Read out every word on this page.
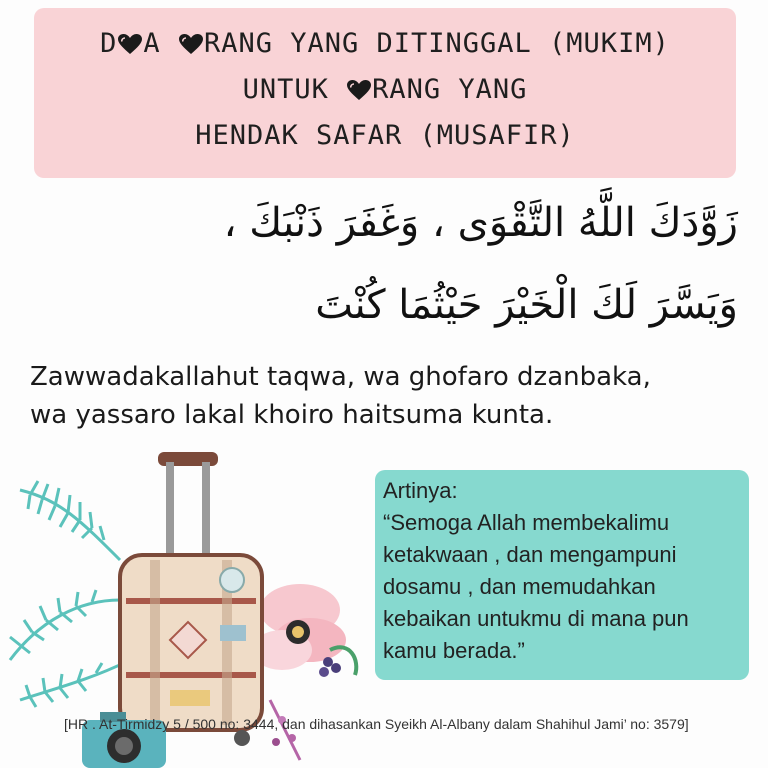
D A RANG YANG DITINGGAL (MUKIM)
UNTUK RANG YANG
HENDAK SAFAR (MUSAFIR)
زَوَّدَكَ اللَّهُ التَّقْوَى ، وَغَفَرَ ذَنْبَكَ ،
وَيَسَّرَ لَكَ الْخَيْرَ حَيْثُمَا كُنْتَ
Zawwadakallahut taqwa, wa ghofaro dzanbaka,
wa yassaro lakal khoiro haitsuma kunta.
Artinya:
“Semoga Allah membekalimu
ketakwaan , dan mengampuni
dosamu , dan memudahkan
kebaikan untukmu di mana pun
kamu berada.”
[HR . At-Tirmidzy 5 / 500 no: 3444, dan dihasankan Syeikh Al-Albany dalam Shahihul Jami’ no: 3579]
